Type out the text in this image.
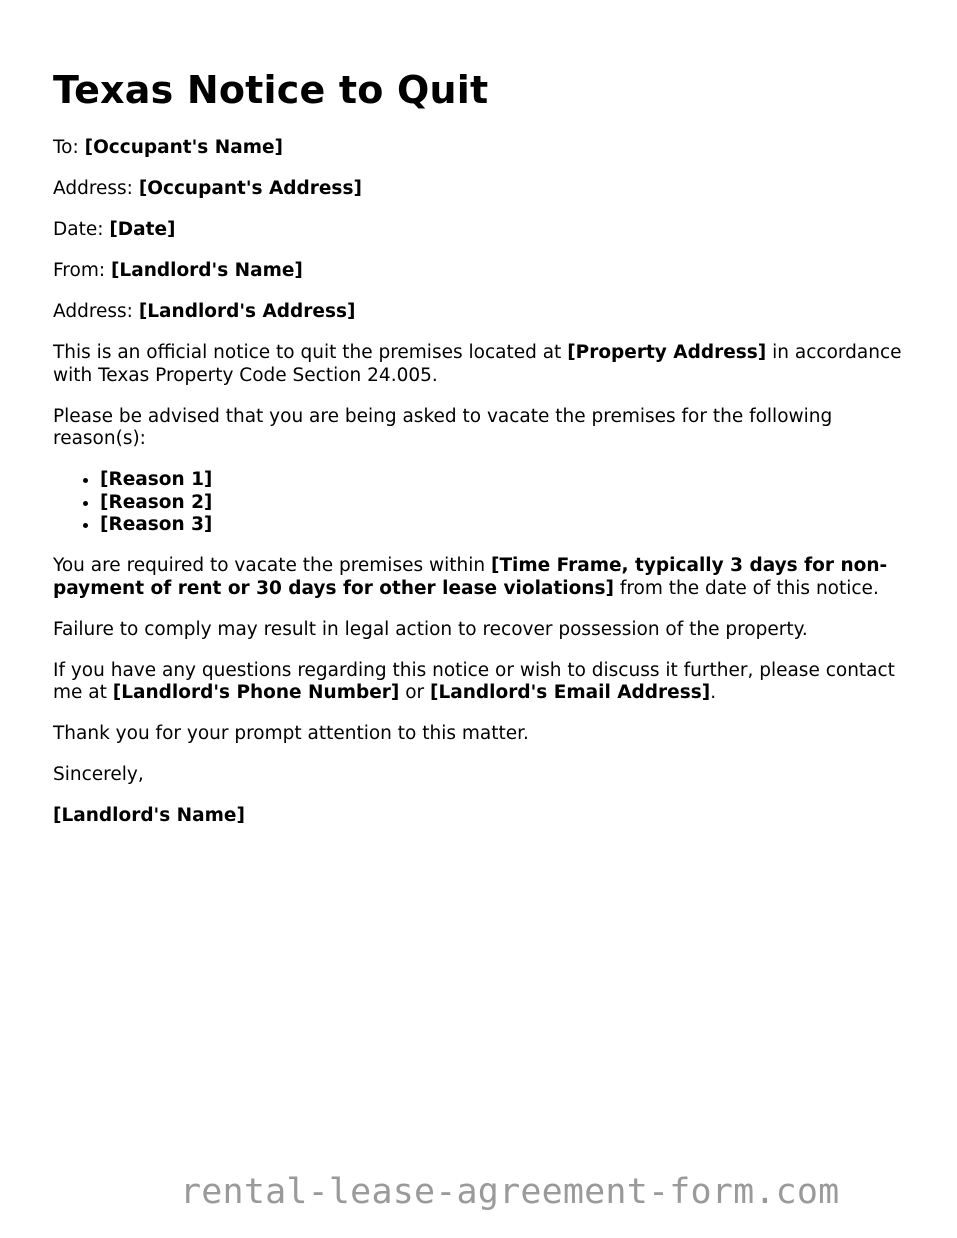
Texas Notice to Quit

To: [Occupant's Name]

Address: [Occupant's Address]

Date: [Date]

From: [Landlord's Name]

Address: [Landlord's Address]

This is an official notice to quit the premises located at [Property Address] in accordance with Texas Property Code Section 24.005.

Please be advised that you are being asked to vacate the premises for the following reason(s):

• [Reason 1]
• [Reason 2]
• [Reason 3]

You are required to vacate the premises within [Time Frame, typically 3 days for non-payment of rent or 30 days for other lease violations] from the date of this notice.

Failure to comply may result in legal action to recover possession of the property.

If you have any questions regarding this notice or wish to discuss it further, please contact me at [Landlord's Phone Number] or [Landlord's Email Address].

Thank you for your prompt attention to this matter.

Sincerely,

[Landlord's Name]

rental-lease-agreement-form.com
